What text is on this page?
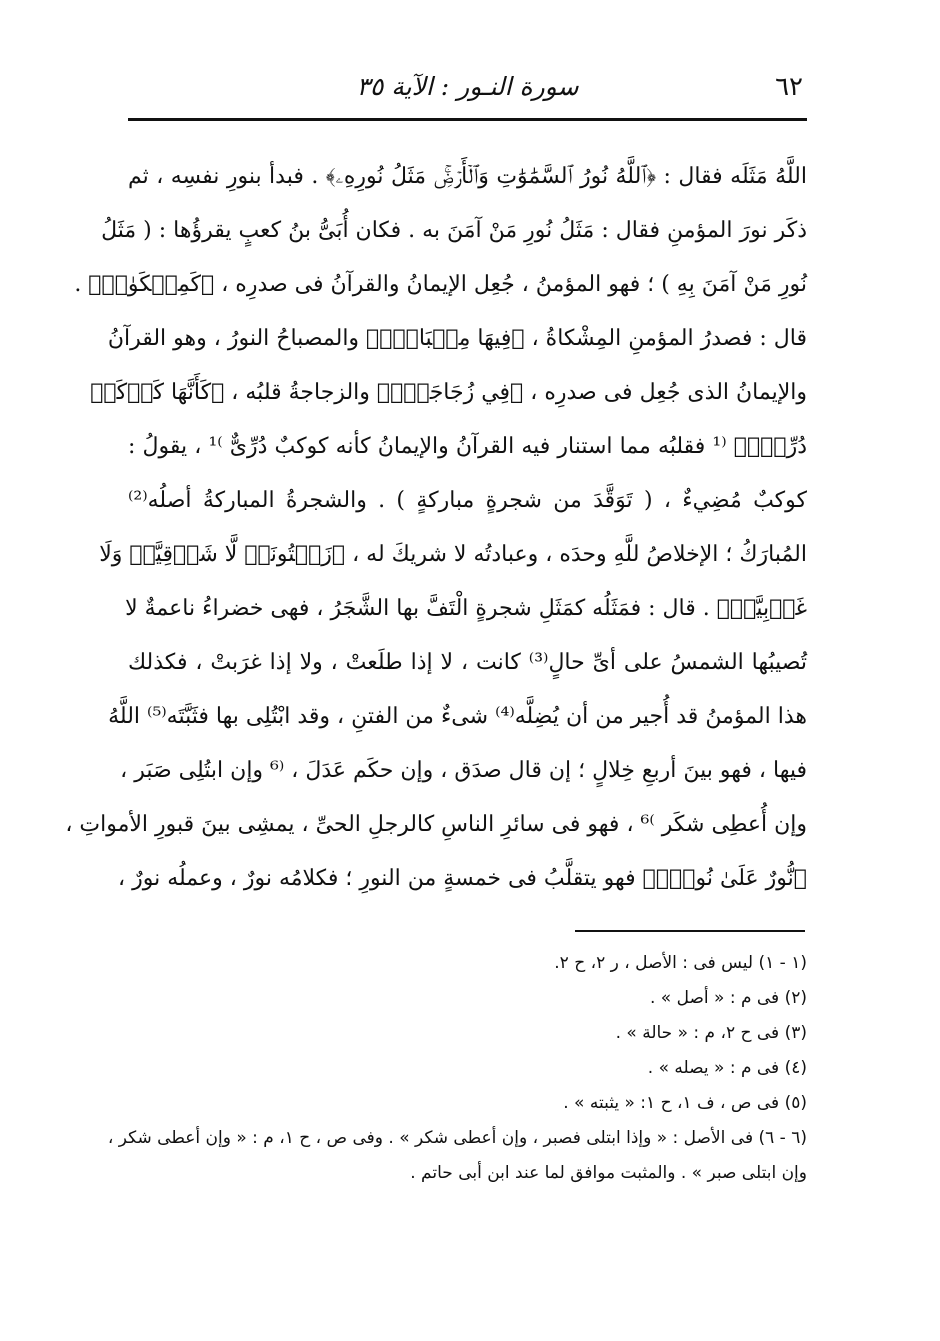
٦٢
سورة النـور : الآية ٣٥
اللَّهُ مَثَلَه فقال : ﴿ٱللَّهُ نُورُ ٱلسَّمَٰوَٰتِ وَٱلۡأَرۡضِۚ مَثَلُ نُورِهِۦ﴾ . فبدأ بنورِ نفسِه ، ثم
ذكَر نورَ المؤمنِ فقال : مَثَلُ نُورِ مَنْ آمَنَ به . فكان أُبَىُّ بنُ كعبٍ يقرؤُها : ( مَثَلُ
نُورِ مَنْ آمَنَ بِهِ ) ؛ فهو المؤمنُ ، جُعِل الإيمانُ والقرآنُ فى صدرِه ، ﴿كَمِشۡكَوٰةٖ﴾ .
قال : فصدرُ المؤمنِ المِشْكاةُ ، ﴿فِيهَا مِصۡبَاحٌۖ﴾ والمصباحُ النورُ ، وهو القرآنُ
والإيمانُ الذى جُعِل فى صدرِه ، ﴿فِي زُجَاجَةٍۖ﴾ والزجاجةُ قلبُه ، ﴿كَأَنَّهَا كَوۡكَبٞ
دُرِّيّٞ﴾ ⁽¹ فقلبُه مما استنار فيه القرآنُ والإيمانُ كأنه كوكبٌ دُرِّىٌّ ⁾¹ ، يقولُ :
كوكبٌ مُضِيءٌ ، ( تَوَقَّدَ من شجرةٍ مباركةٍ ) . والشجرةُ المباركةُ أصلُه⁽²⁾
المُبارَكُ ؛ الإخلاصُ للَّهِ وحدَه ، وعبادتُه لا شريكَ له ، ﴿زَيۡتُونَةٖ لَّا شَرۡقِيَّةٖ وَلَا
غَرۡبِيَّةٖ﴾ . قال : فمَثَلُه كمَثَلِ شجرةٍ الْتَفَّ بها الشَّجَرُ ، فهى خضراءُ ناعمةٌ لا
تُصيبُها الشمسُ على أىِّ حالٍ⁽³⁾ كانت ، لا إذا طلَعتْ ، ولا إذا غرَبتْ ، فكذلك
هذا المؤمنُ قد أُجير من أن يُضِلَّه⁽⁴⁾ شىءٌ من الفتنِ ، وقد ابْتُلِى بها فثَبَّتَه⁽⁵⁾ اللَّهُ
فيها ، فهو بينَ أربعِ خِلالٍ ؛ إن قال صدَق ، وإن حكَم عَدَلَ ، ⁽⁶ وإن ابتُلِى صَبَر ،
وإن أُعطِى شكَر ⁾⁶ ، فهو فى سائرِ الناسِ كالرجلِ الحىِّ ، يمشِى بينَ قبورِ الأمواتِ ،
﴿نُّورٌ عَلَىٰ نُورٖۚ﴾ فهو يتقلَّبُ فى خمسةٍ من النورِ ؛ فكلامُه نورٌ ، وعملُه نورٌ ،
(١ - ١) ليس فى : الأصل ، ر ٢، ح ٢.
(٢) فى م : « أصل » .
(٣) فى ح ٢، م : « حالة » .
(٤) فى م : « يصله » .
(٥) فى ص ، ف ١، ح ١: « يثبته » .
(٦ - ٦) فى الأصل : « وإذا ابتلى فصبر ، وإن أعطى شكر » . وفى ص ، ح ١، م : « وإن أعطى شكر ،
وإن ابتلى صبر » . والمثبت موافق لما عند ابن أبى حاتم .
